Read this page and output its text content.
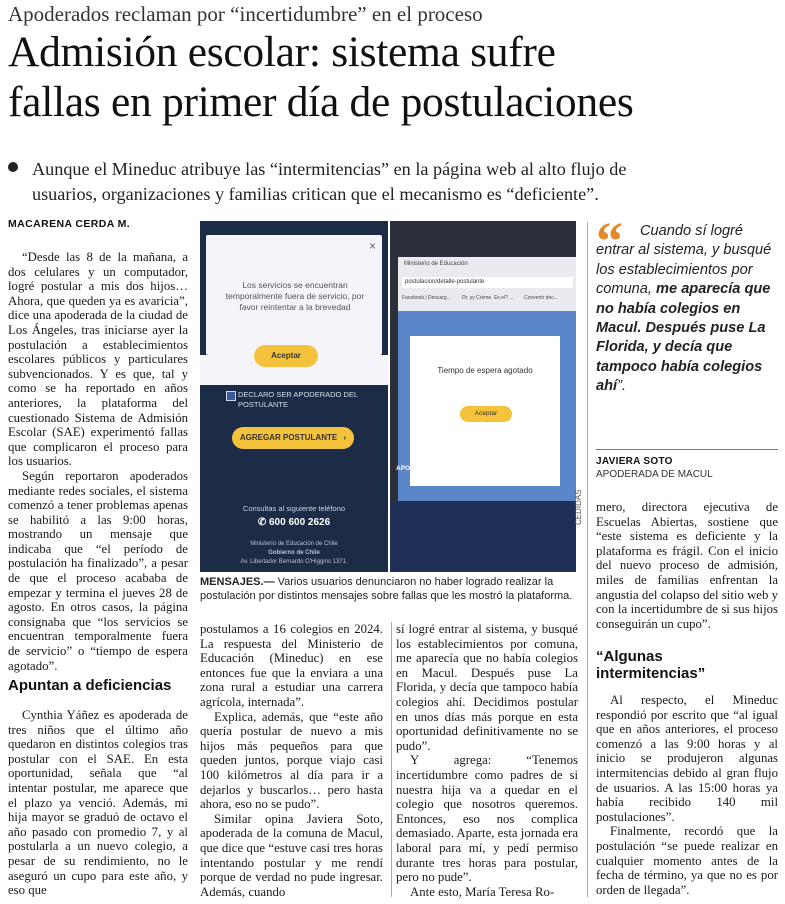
Apoderados reclaman por “incertidumbre” en el proceso
Admisión escolar: sistema sufre
fallas en primer día de postulaciones
Aunque el Mineduc atribuye las “intermitencias” en la página web al alto flujo de
usuarios, organizaciones y familias critican que el mecanismo es “deficiente”.
MACARENA CERDA M.

“Desde las 8 de la mañana, a dos celulares y un computador, logré postular a mis dos hijos… Ahora, que queden ya es avaricia”, dice una apoderada de la ciudad de Los Ángeles, tras iniciarse ayer la postulación a establecimientos escolares públicos y particulares subvencionados. Y es que, tal y como se ha reportado en años anteriores, la plataforma del cuestionado Sistema de Admisión Escolar (SAE) experimentó fallas que complicaron el proceso para los usuarios.

Según reportaron apoderados mediante redes sociales, el sistema comenzó a tener problemas apenas se habilitó a las 9:00 horas, mostrando un mensaje que indicaba que “el período de postulación ha finalizado”, a pesar de que el proceso acababa de empezar y termina el jueves 28 de agosto. En otros casos, la página consignaba que “los servicios se encuentran temporalmente fuera de servicio” o “tiempo de espera agotado”.

Apuntan a deficiencias

Cynthia Yáñez es apoderada de tres niños que el último año quedaron en distintos colegios tras postular con el SAE. En esta oportunidad, señala que “al intentar postular, me aparece que el plazo ya venció. Además, mi hija mayor se graduó de octavo el año pasado con promedio 7, y al postularla a un nuevo colegio, a pesar de su rendimiento, no le aseguró un cupo para este año, y eso que

×
Los servicios se encuentran temporalmente fuera de servicio, por favor reintentar a la brevedad
Aceptar
DECLARO SER APODERADO DEL POSTULANTE
AGREGAR POSTULANTE ›
Consultas al siguiente teléfono
✆ 600 600 2626
Ministerio de Educación de Chile
Gobierno de Chile
Av. Libertador Bernardo O'Higgins 1371.
Ministerio de Educación
postulacion/detalle-postulante
Facebook | Descarg... Dr. yy Crème. Es el? ... Convertir doc...
Tiempo de espera agotado
Aceptar
APODERADO DEL POSTULANTE
CEDIDAS
MENSAJES.— Varios usuarios denunciaron no haber logrado realizar la postulación por distintos mensajes sobre fallas que les mostró la plataforma.

postulamos a 16 colegios en 2024. La respuesta del Ministerio de Educación (Mineduc) en ese entonces fue que la enviara a una zona rural a estudiar una carrera agrícola, internada”.

Explica, además, que “este año quería postular de nuevo a mis hijos más pequeños para que queden juntos, porque viajo casi 100 kilómetros al día para ir a dejarlos y buscarlos… pero hasta ahora, eso no se pudo”.

Similar opina Javiera Soto, apoderada de la comuna de Macul, que dice que “estuve casi tres horas intentando postular y me rendí porque de verdad no pude ingresar. Además, cuando

sí logré entrar al sistema, y busqué los establecimientos por comuna, me aparecía que no había colegios en Macul. Después puse La Florida, y decía que tampoco había colegios ahí. Decidimos postular en unos días más porque en esta oportunidad definitivamente no se pudo”.

Y agrega: “Tenemos incertidumbre como padres de si nuestra hija va a quedar en el colegio que nosotros queremos. Entonces, eso nos complica demasiado. Aparte, esta jornada era laboral para mí, y pedí permiso durante tres horas para postular, pero no pude”.

Ante esto, María Teresa Ro-

“	Cuando sí logré entrar al sistema, y busqué los establecimientos por comuna, me aparecía que no había colegios en Macul. Después puse La Florida, y decía que tampoco había colegios ahí”.
JAVIERA SOTO
APODERADA DE MACUL

mero, directora ejecutiva de Escuelas Abiertas, sostiene que “este sistema es deficiente y la plataforma es frágil. Con el inicio del nuevo proceso de admisión, miles de familias enfrentan la angustia del colapso del sitio web y con la incertidumbre de si sus hijos conseguirán un cupo”.

“Algunas
intermitencias”

Al respecto, el Mineduc respondió por escrito que “al igual que en años anteriores, el proceso comenzó a las 9:00 horas y al inicio se produjeron algunas intermitencias debido al gran flujo de usuarios. A las 15:00 horas ya había recibido 140 mil postulaciones”.

Finalmente, recordó que la postulación “se puede realizar en cualquier momento antes de la fecha de término, ya que no es por orden de llegada”.
